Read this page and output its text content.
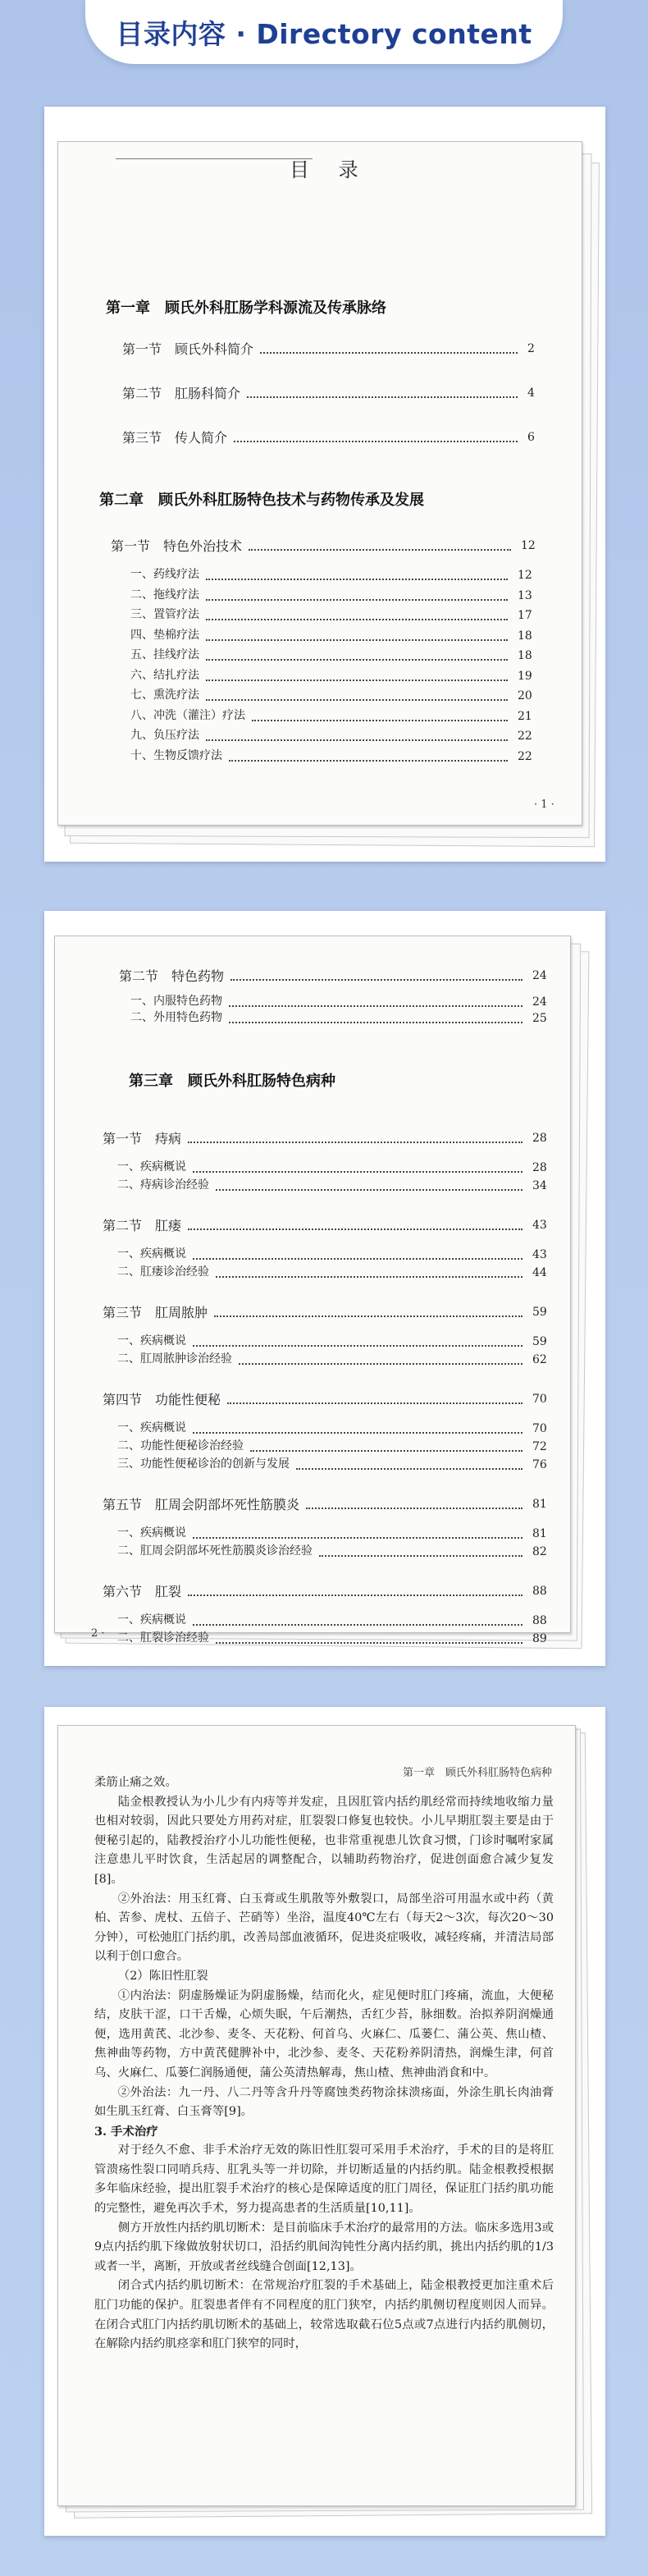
目录内容 · Directory content
目 录
第一章　顾氏外科肛肠学科源流及传承脉络
第二章　顾氏外科肛肠特色技术与药物传承及发展
· 1 ·
第一节　顾氏外科简介	2
第二节　肛肠科简介	4
第三节　传人简介	6
第一节　特色外治技术	12
一、药线疗法	12
二、拖线疗法	13
三、置管疗法	17
四、垫棉疗法	18
五、挂线疗法	18
六、结扎疗法	19
七、熏洗疗法	20
八、冲洗（灌注）疗法	21
九、负压疗法	22
十、生物反馈疗法	22
第三章　顾氏外科肛肠特色病种
2 ·
第二节　特色药物	24
一、内服特色药物	24
二、外用特色药物	25
第一节　痔病	28
一、疾病概说	28
二、痔病诊治经验	34
第二节　肛瘘	43
一、疾病概说	43
二、肛瘘诊治经验	44
第三节　肛周脓肿	59
一、疾病概说	59
二、肛周脓肿诊治经验	62
第四节　功能性便秘	70
一、疾病概说	70
二、功能性便秘诊治经验	72
三、功能性便秘诊治的创新与发展	76
第五节　肛周会阴部坏死性筋膜炎	81
一、疾病概说	81
二、肛周会阴部坏死性筋膜炎诊治经验	82
第六节　肛裂	88
一、疾病概说	88
二、肛裂诊治经验	89
第一章　顾氏外科肛肠特色病种

柔筋止痛之效。

陆金根教授认为小儿少有内痔等并发症，且因肛管内括约肌经常而持续地收缩力量也相对较弱，因此只要处方用药对症，肛裂裂口修复也较快。小儿早期肛裂主要是由于便秘引起的，陆教授治疗小儿功能性便秘，也非常重视患儿饮食习惯，门诊时嘱咐家属注意患儿平时饮食，生活起居的调整配合，以辅助药物治疗，促进创面愈合减少复发[8]。

②外治法：用玉红膏、白玉膏或生肌散等外敷裂口，局部坐浴可用温水或中药（黄柏、苦参、虎杖、五倍子、芒硝等）坐浴，温度40℃左右（每天2～3次，每次20～30分钟），可松弛肛门括约肌，改善局部血液循环，促进炎症吸收，减轻疼痛，并清洁局部以利于创口愈合。

（2）陈旧性肛裂

①内治法：阴虚肠燥证为阴虚肠燥，结而化火，症见便时肛门疼痛，流血，大便秘结，皮肤干涩，口干舌燥，心烦失眠，午后潮热，舌红少苔，脉细数。治拟养阴润燥通便，选用黄芪、北沙参、麦冬、天花粉、何首乌、火麻仁、瓜蒌仁、蒲公英、焦山楂、焦神曲等药物，方中黄芪健脾补中，北沙参、麦冬、天花粉养阴清热，润燥生津，何首乌、火麻仁、瓜蒌仁润肠通便，蒲公英清热解毒，焦山楂、焦神曲消食和中。

②外治法：九一丹、八二丹等含升丹等腐蚀类药物涂抹溃疡面，外涂生肌长肉油膏如生肌玉红膏、白玉膏等[9]。

3. 手术治疗

对于经久不愈、非手术治疗无效的陈旧性肛裂可采用手术治疗，手术的目的是将肛管溃疡性裂口同哨兵痔、肛乳头等一并切除，并切断适量的内括约肌。陆金根教授根据多年临床经验，提出肛裂手术治疗的核心是保障适度的肛门周径，保证肛门括约肌功能的完整性，避免再次手术，努力提高患者的生活质量[10,11]。

侧方开放性内括约肌切断术：是目前临床手术治疗的最常用的方法。临床多选用3或9点内括约肌下缘做放射状切口，沿括约肌间沟钝性分离内括约肌，挑出内括约肌的1/3或者一半，离断，开放或者丝线缝合创面[12,13]。

闭合式内括约肌切断术：在常规治疗肛裂的手术基础上，陆金根教授更加注重术后肛门功能的保护。肛裂患者伴有不同程度的肛门狭窄，内括约肌侧切程度则因人而异。在闭合式肛门内括约肌切断术的基础上，较常选取截石位5点或7点进行内括约肌侧切，在解除内括约肌痉挛和肛门狭窄的同时，
